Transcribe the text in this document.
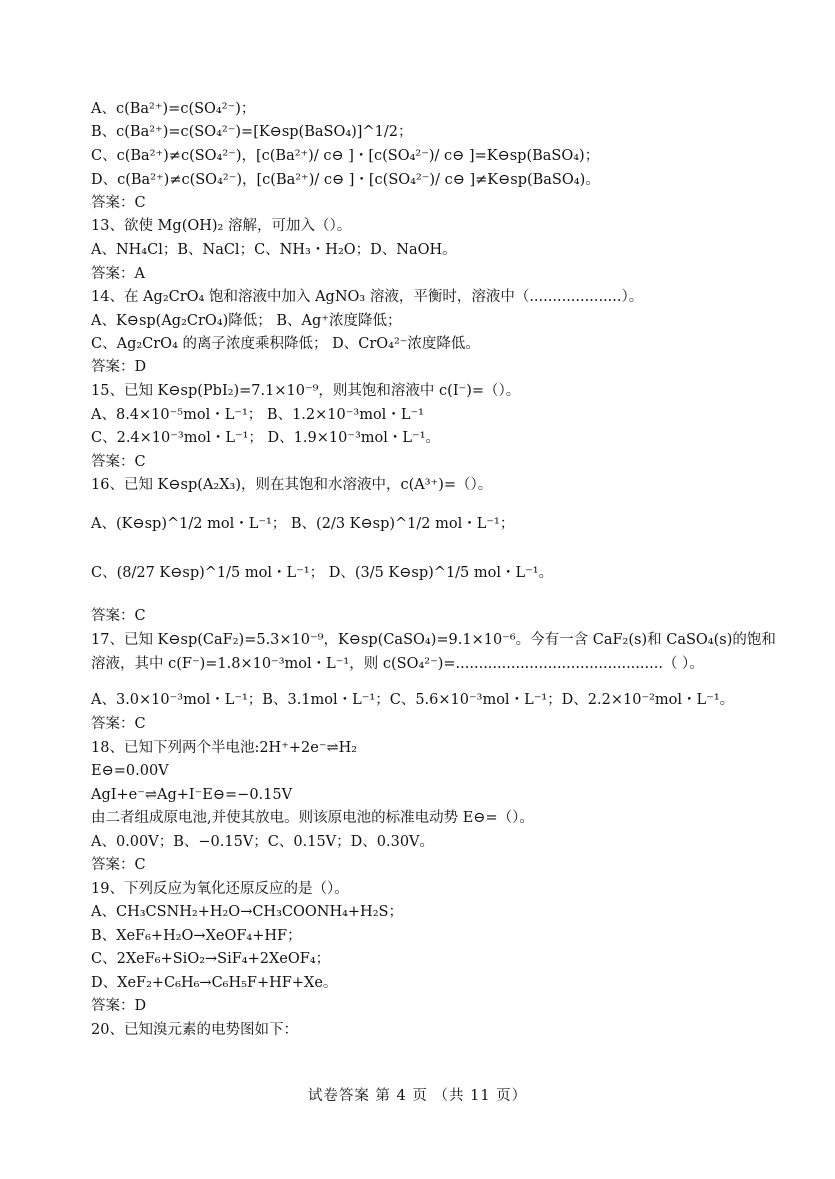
A、c(Ba²⁺)=c(SO₄²⁻)；
B、c(Ba²⁺)=c(SO₄²⁻)=[K⊖sp(BaSO₄)]^1/2；
C、c(Ba²⁺)≠c(SO₄²⁻)，[c(Ba²⁺)/ c⊖ ]・[c(SO₄²⁻)/ c⊖ ]=K⊖sp(BaSO₄)；
D、c(Ba²⁺)≠c(SO₄²⁻)，[c(Ba²⁺)/ c⊖ ]・[c(SO₄²⁻)/ c⊖ ]≠K⊖sp(BaSO₄)。
答案：C
13、欲使 Mg(OH)₂ 溶解，可加入（）。
A、NH₄Cl；B、NaCl；C、NH₃・H₂O；D、NaOH。
答案：A
14、在 Ag₂CrO₄ 饱和溶液中加入 AgNO₃ 溶液，平衡时，溶液中（....................）。
A、K⊖sp(Ag₂CrO₄)降低； B、Ag⁺浓度降低；
C、Ag₂CrO₄ 的离子浓度乘积降低； D、CrO₄²⁻浓度降低。
答案：D
15、已知 K⊖sp(PbI₂)=7.1×10⁻⁹，则其饱和溶液中 c(I⁻)=（）。
A、8.4×10⁻⁵mol・L⁻¹； B、1.2×10⁻³mol・L⁻¹
C、2.4×10⁻³mol・L⁻¹； D、1.9×10⁻³mol・L⁻¹。
答案：C
16、已知 K⊖sp(A₂X₃)，则在其饱和水溶液中，c(A³⁺)=（）。
A、(K⊖sp)^1/2 mol・L⁻¹； B、(2/3 K⊖sp)^1/2 mol・L⁻¹；
C、(8/27 K⊖sp)^1/5 mol・L⁻¹； D、(3/5 K⊖sp)^1/5 mol・L⁻¹。
答案：C
17、已知 K⊖sp(CaF₂)=5.3×10⁻⁹，K⊖sp(CaSO₄)=9.1×10⁻⁶。今有一含 CaF₂(s)和 CaSO₄(s)的饱和
溶液，其中 c(F⁻)=1.8×10⁻³mol・L⁻¹，则 c(SO₄²⁻)=.............................................（ ）。
A、3.0×10⁻³mol・L⁻¹；B、3.1mol・L⁻¹；C、5.6×10⁻³mol・L⁻¹；D、2.2×10⁻²mol・L⁻¹。
答案：C
18、已知下列两个半电池:2H⁺+2e⁻⇌H₂
E⊖=0.00V
AgI+e⁻⇌Ag+I⁻E⊖=−0.15V
由二者组成原电池,并使其放电。则该原电池的标准电动势 E⊖=（）。
A、0.00V；B、−0.15V；C、0.15V；D、0.30V。
答案：C
19、下列反应为氧化还原反应的是（）。
A、CH₃CSNH₂+H₂O→CH₃COONH₄+H₂S；
B、XeF₆+H₂O→XeOF₄+HF；
C、2XeF₆+SiO₂→SiF₄+2XeOF₄；
D、XeF₂+C₆H₆→C₆H₅F+HF+Xe。
答案：D
20、已知溴元素的电势图如下：
试卷答案 第 4 页 （共 11 页）
